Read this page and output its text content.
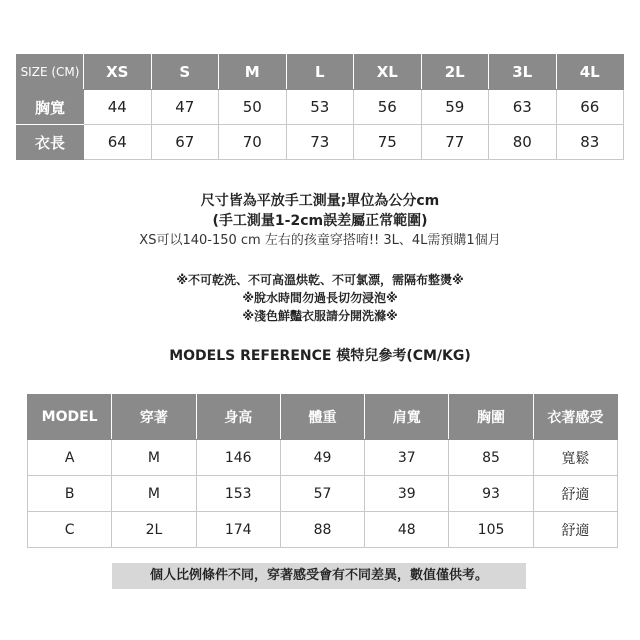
SIZE (CM)	XS	S	M	L	XL	2L	3L	4L
胸寬	44	47	50	53	56	59	63	66
衣長	64	67	70	73	75	77	80	83
尺寸皆為平放手工測量;單位為公分cm
(手工測量1-2cm誤差屬正常範圍)
XS可以140-150 cm 左右的孩童穿搭唷!! 3L、4L需預購1個月
※不可乾洗、不可高溫烘乾、不可氯漂，需隔布整燙※
※脫水時間勿過長切勿浸泡※
※淺色鮮豔衣服請分開洗滌※
MODELS REFERENCE 模特兒參考(CM/KG)
MODEL	穿著	身高	體重	肩寬	胸圍	衣著感受
A	M	146	49	37	85	寬鬆
B	M	153	57	39	93	舒適
C	2L	174	88	48	105	舒適
個人比例條件不同，穿著感受會有不同差異，數值僅供考。
